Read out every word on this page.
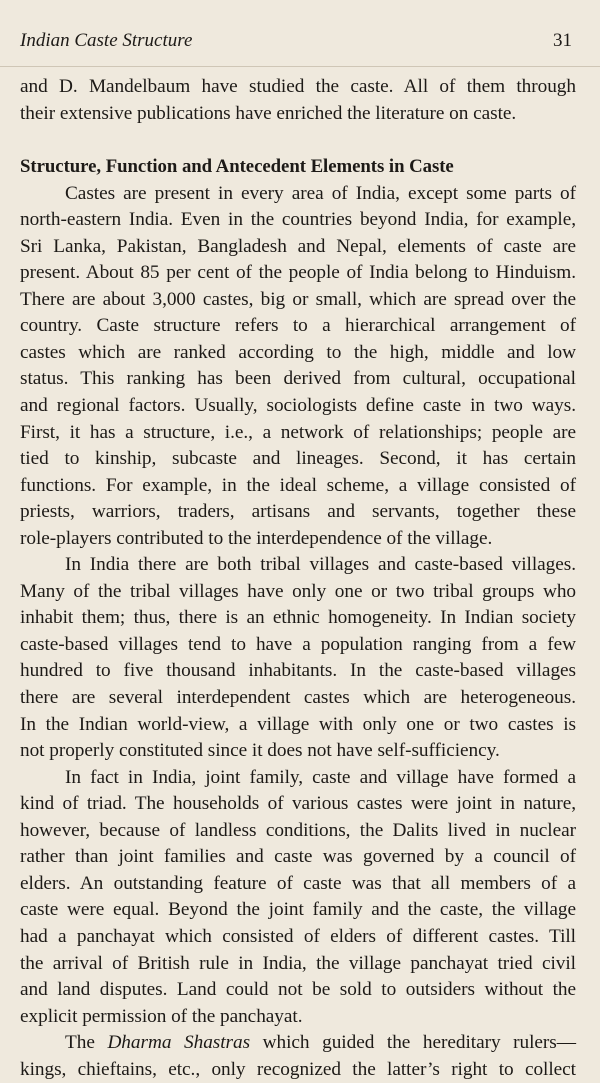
Indian Caste Structure	31
and D. Mandelbaum have studied the caste. All of them through
their extensive publications have enriched the literature on caste.
Structure, Function and Antecedent Elements in Caste
Castes are present in every area of India, except some parts of
north-eastern India. Even in the countries beyond India, for example,
Sri Lanka, Pakistan, Bangladesh and Nepal, elements of caste are
present. About 85 per cent of the people of India belong to Hinduism.
There are about 3,000 castes, big or small, which are spread over the
country. Caste structure refers to a hierarchical arrangement of
castes which are ranked according to the high, middle and low
status. This ranking has been derived from cultural, occupational
and regional factors. Usually, sociologists define caste in two ways.
First, it has a structure, i.e., a network of relationships; people are
tied to kinship, subcaste and lineages. Second, it has certain
functions. For example, in the ideal scheme, a village consisted of
priests, warriors, traders, artisans and servants, together these
role-players contributed to the interdependence of the village.
In India there are both tribal villages and caste-based villages.
Many of the tribal villages have only one or two tribal groups who
inhabit them; thus, there is an ethnic homogeneity. In Indian society
caste-based villages tend to have a population ranging from a few
hundred to five thousand inhabitants. In the caste-based villages
there are several interdependent castes which are heterogeneous.
In the Indian world-view, a village with only one or two castes is
not properly constituted since it does not have self-sufficiency.
In fact in India, joint family, caste and village have formed a
kind of triad. The households of various castes were joint in nature,
however, because of landless conditions, the Dalits lived in nuclear
rather than joint families and caste was governed by a council of
elders. An outstanding feature of caste was that all members of a
caste were equal. Beyond the joint family and the caste, the village
had a panchayat which consisted of elders of different castes. Till
the arrival of British rule in India, the village panchayat tried civil
and land disputes. Land could not be sold to outsiders without the
explicit permission of the panchayat.
The Dharma Shastras which guided the hereditary rulers—
kings, chieftains, etc., only recognized the latter’s right to collect
